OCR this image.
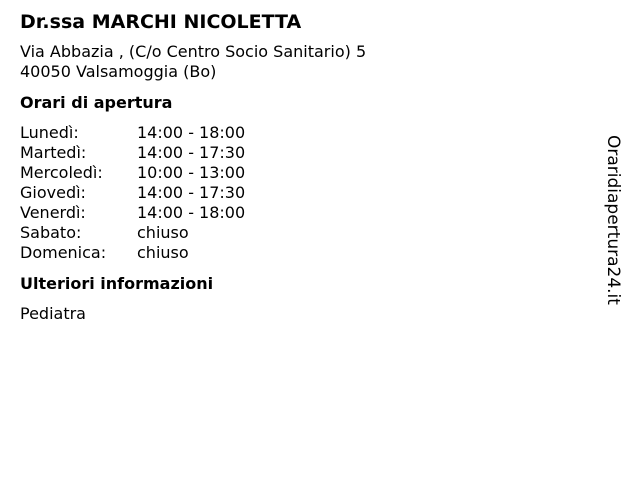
Dr.ssa MARCHI NICOLETTA
Via Abbazia , (C/o Centro Socio Sanitario) 5
40050 Valsamoggia (Bo)
Orari di apertura
Lunedì:	14:00 - 18:00
Martedì:	14:00 - 17:30
Mercoledì:	10:00 - 13:00
Giovedì:	14:00 - 17:30
Venerdì:	14:00 - 18:00
Sabato:	chiuso
Domenica:	chiuso
Ulteriori informazioni
Pediatra
Oraridiapertura24.it
